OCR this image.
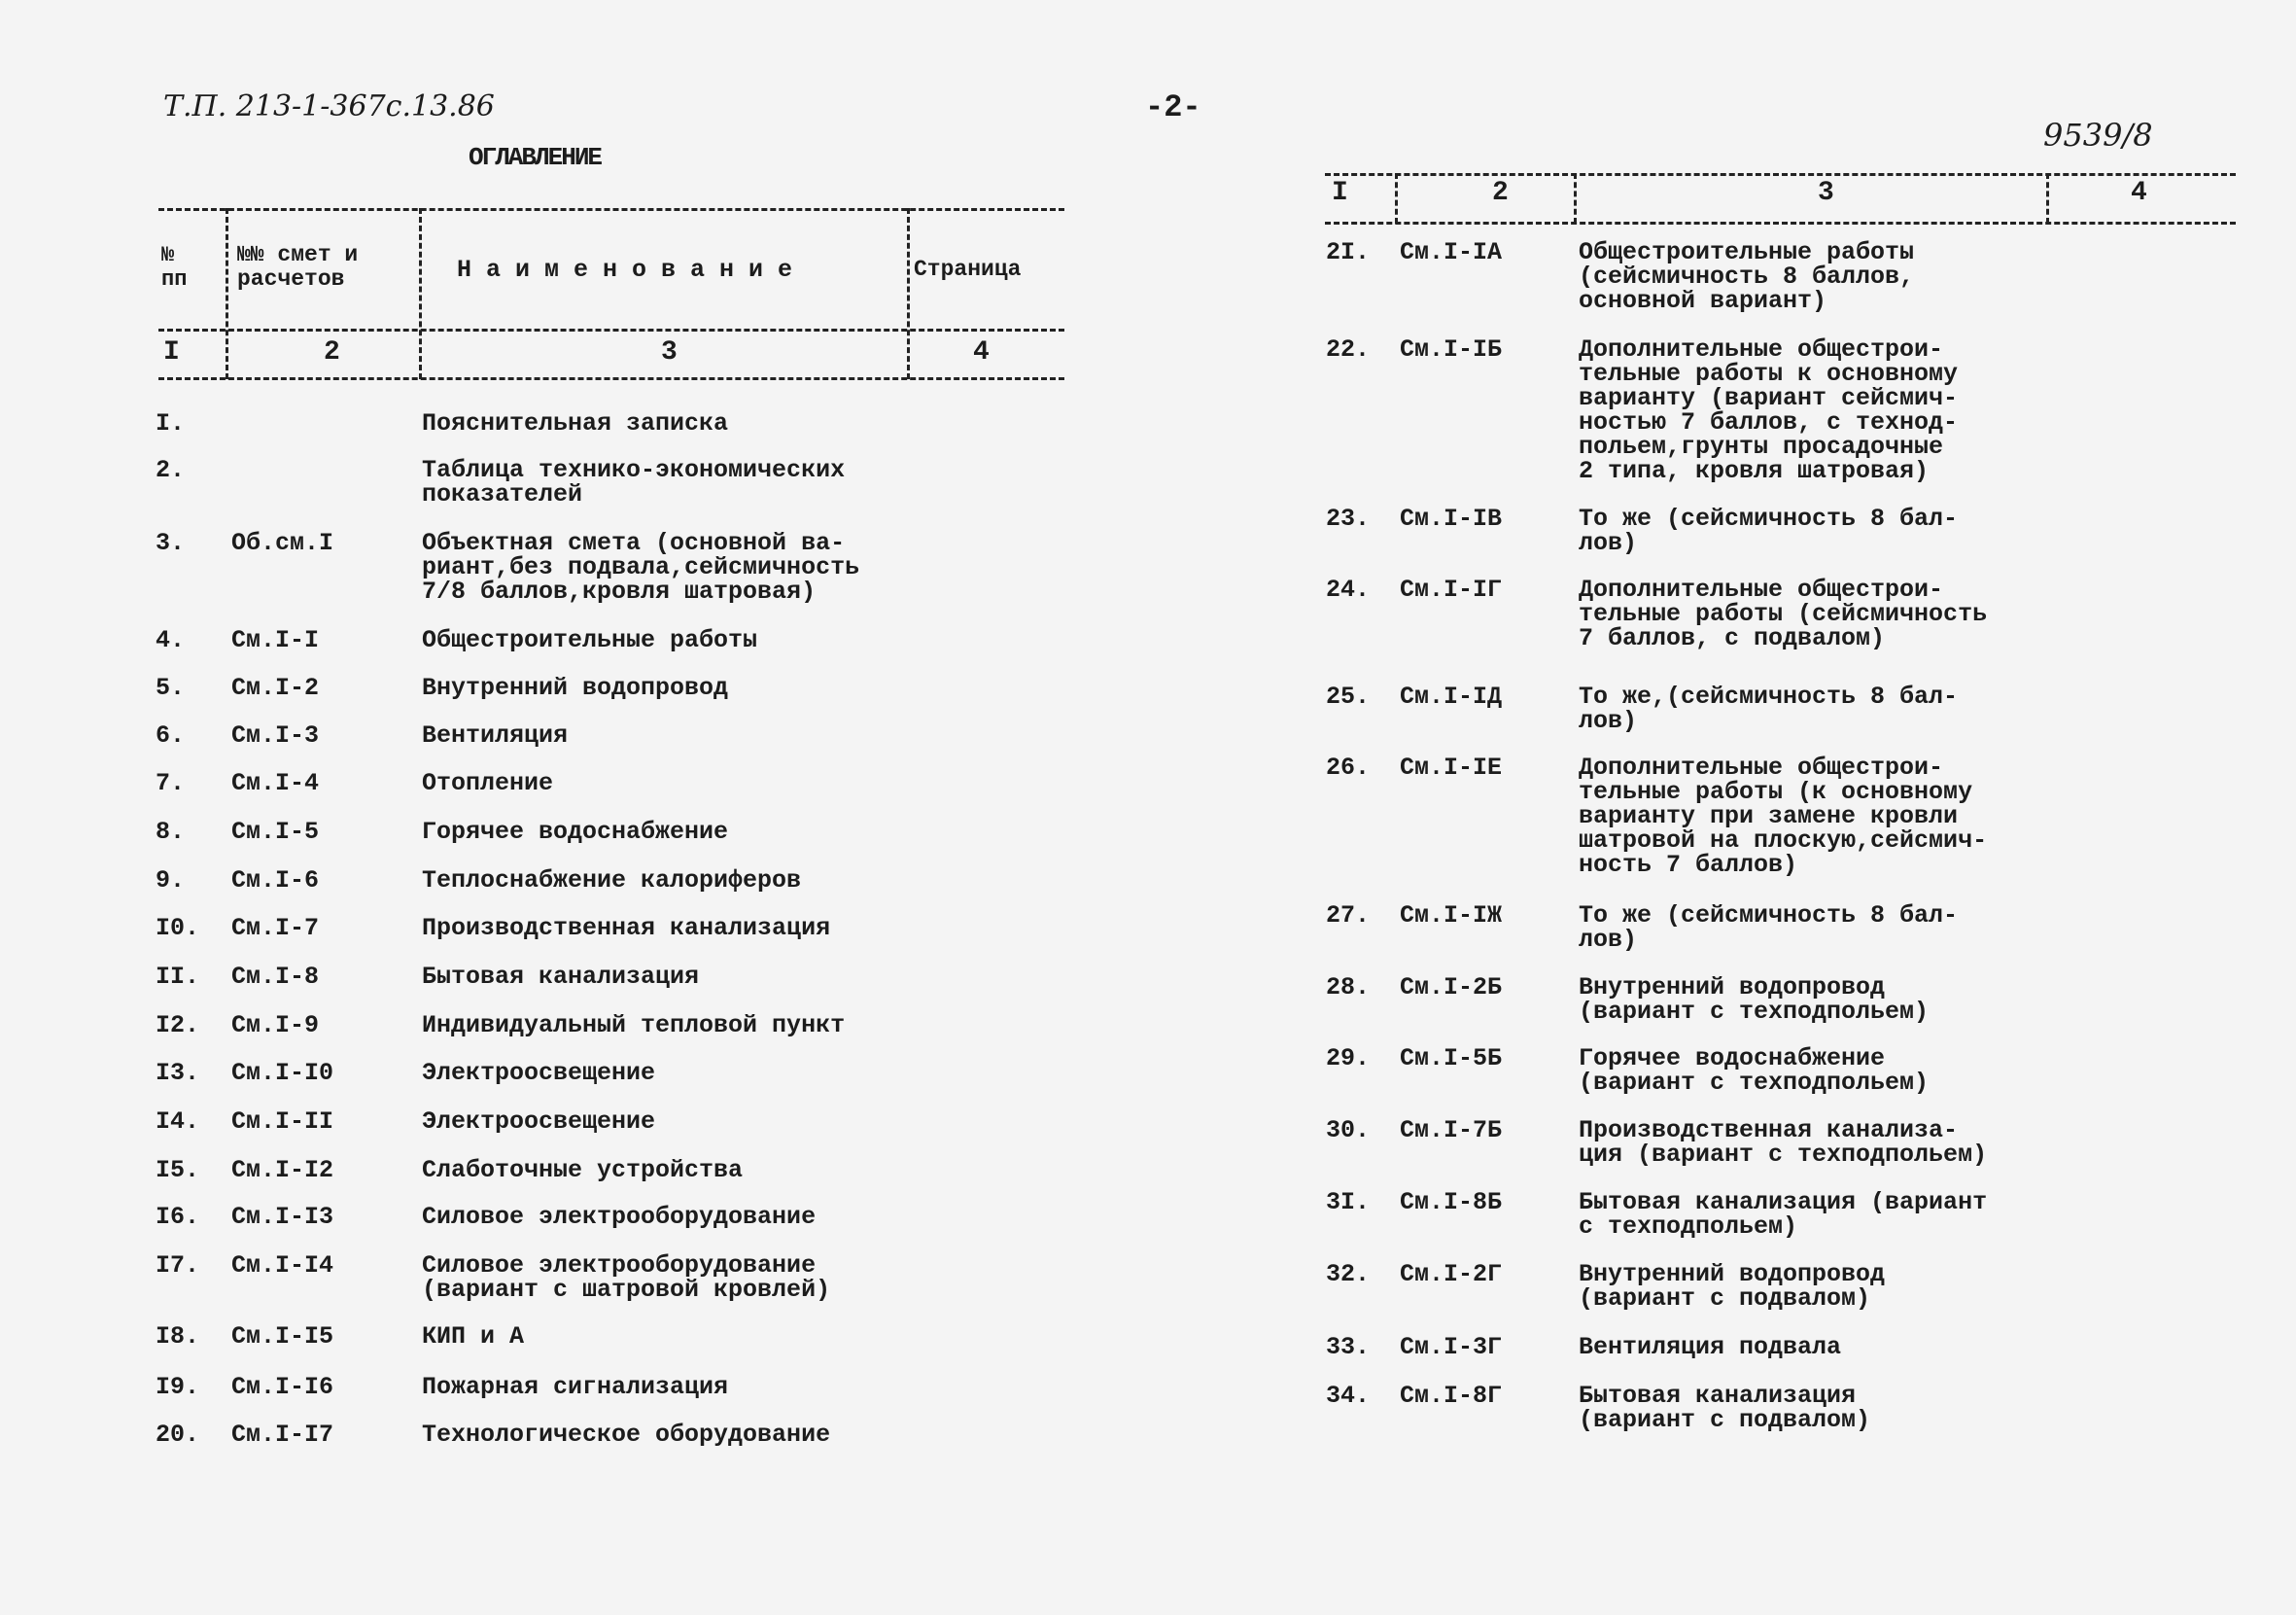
Т.П. 213-1-367с.13.86	-2-
9539/8
ОГЛАВЛЕНИЕ
№
пп
№№ смет и
расчетов	Н а и м е н о в а н и е	Страница
I	2	3	4
I	2	3	4
I.	Пояснительная записка
2.	Таблица технико-экономических
показателей
3. Об.см.I	Объектная смета (основной ва-
риант,без подвала,сейсмичность
7/8 баллов,кровля шатровая)
4. См.I-I	Общестроительные работы
5. См.I-2	Внутренний водопровод
6. См.I-3	Вентиляция
7. См.I-4	Отопление
8. См.I-5	Горячее водоснабжение
9. См.I-6	Теплоснабжение калориферов
I0. См.I-7	Производственная канализация
II. См.I-8	Бытовая канализация
I2. См.I-9	Индивидуальный тепловой пункт
I3. См.I-I0	Электроосвещение
I4. См.I-II	Электроосвещение
I5. См.I-I2	Слаботочные устройства
I6. См.I-I3	Силовое электрооборудование
I7. См.I-I4	Силовое электрооборудование
(вариант с шатровой кровлей)
I8. См.I-I5	КИП и А
I9. См.I-I6	Пожарная сигнализация
20. См.I-I7	Технологическое оборудование
2I. См.I-IА	Общестроительные работы
(сейсмичность 8 баллов,
основной вариант)
22. См.I-IБ	Дополнительные общестрои-
тельные работы к основному
варианту (вариант сейсмич-
ностью 7 баллов, с технод-
польем,грунты просадочные
2 типа, кровля шатровая)
23. См.I-IВ	То же (сейсмичность 8 бал-
лов)
24. См.I-IГ	Дополнительные общестрои-
тельные работы (сейсмичность
7 баллов, с подвалом)
25. См.I-IД	То же,(сейсмичность 8 бал-
лов)
26. См.I-IЕ	Дополнительные общестрои-
тельные работы (к основному
варианту при замене кровли
шатровой на плоскую,сейсмич-
ность 7 баллов)
27. См.I-IЖ	То же (сейсмичность 8 бал-
лов)
28. См.I-2Б	Внутренний водопровод
(вариант с техподпольем)
29. См.I-5Б	Горячее водоснабжение
(вариант с техподпольем)
30. См.I-7Б	Производственная канализа-
ция (вариант с техподпольем)
3I. См.I-8Б	Бытовая канализация (вариант
с техподпольем)
32. См.I-2Г	Внутренний водопровод
(вариант с подвалом)
33. См.I-3Г	Вентиляция подвала
34. См.I-8Г	Бытовая канализация
(вариант с подвалом)
